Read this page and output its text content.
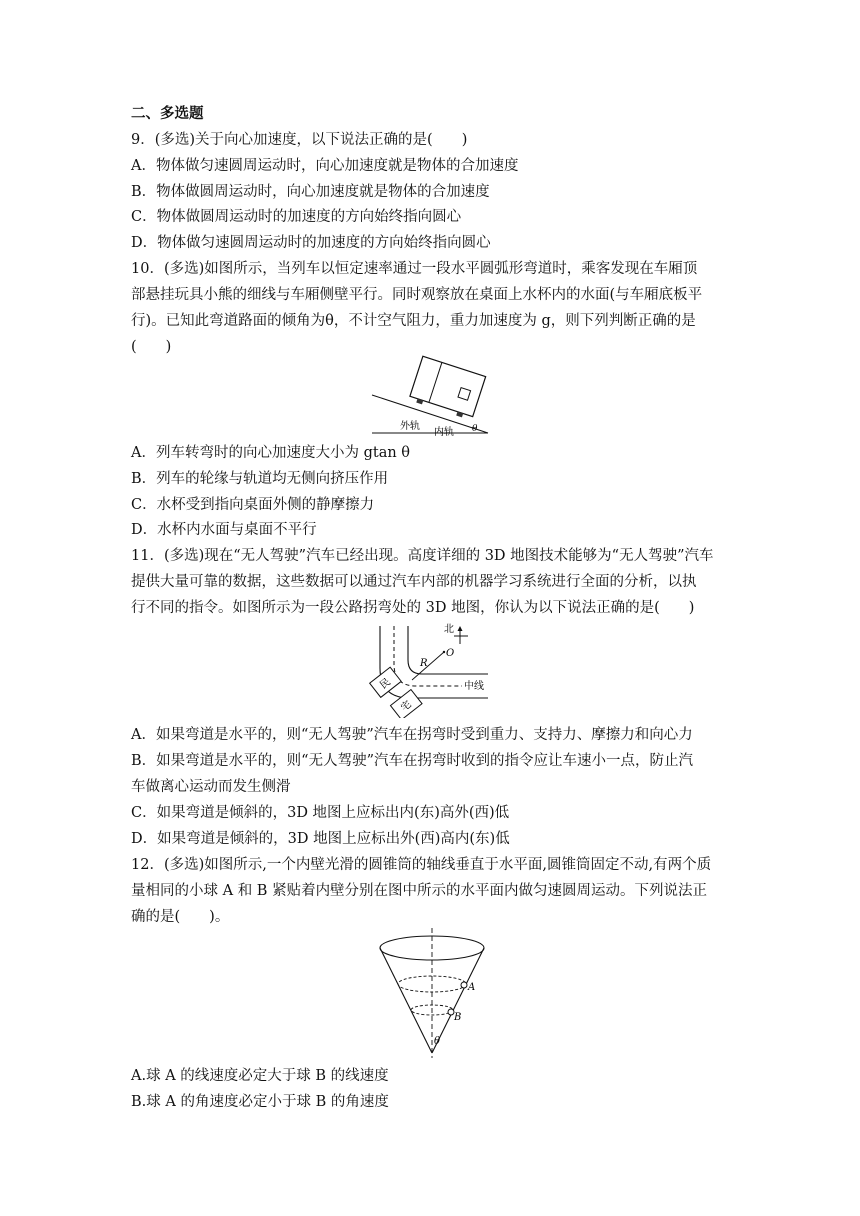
二、多选题
9．(多选)关于向心加速度，以下说法正确的是(　　)
A．物体做匀速圆周运动时，向心加速度就是物体的合加速度
B．物体做圆周运动时，向心加速度就是物体的合加速度
C．物体做圆周运动时的加速度的方向始终指向圆心
D．物体做匀速圆周运动时的加速度的方向始终指向圆心
10．(多选)如图所示，当列车以恒定速率通过一段水平圆弧形弯道时，乘客发现在车厢顶
部悬挂玩具小熊的细线与车厢侧壁平行。同时观察放在桌面上水杯内的水面(与车厢底板平
行)。已知此弯道路面的倾角为θ，不计空气阻力，重力加速度为 g，则下列判断正确的是
(　　)
外轨
内轨 θ
A．列车转弯时的向心加速度大小为 gtan θ
B．列车的轮缘与轨道均无侧向挤压作用
C．水杯受到指向桌面外侧的静摩擦力
D．水杯内水面与桌面不平行
11．(多选)现在“无人驾驶”汽车已经出现。高度详细的 3D 地图技术能够为“无人驾驶”汽车
提供大量可靠的数据，这些数据可以通过汽车内部的机器学习系统进行全面的分析，以执
行不同的指令。如图所示为一段公路拐弯处的 3D 地图，你认为以下说法正确的是(　　)
北
O
R
中线
民
宅
A．如果弯道是水平的，则“无人驾驶”汽车在拐弯时受到重力、支持力、摩擦力和向心力
B．如果弯道是水平的，则“无人驾驶”汽车在拐弯时收到的指令应让车速小一点，防止汽
车做离心运动而发生侧滑
C．如果弯道是倾斜的，3D 地图上应标出内(东)高外(西)低
D．如果弯道是倾斜的，3D 地图上应标出外(西)高内(东)低
12．(多选)如图所示,一个内壁光滑的圆锥筒的轴线垂直于水平面,圆锥筒固定不动,有两个质
量相同的小球 A 和 B 紧贴着内壁分别在图中所示的水平面内做匀速圆周运动。下列说法正
确的是(　　)。
A
B
θ
A.球 A 的线速度必定大于球 B 的线速度
B.球 A 的角速度必定小于球 B 的角速度
